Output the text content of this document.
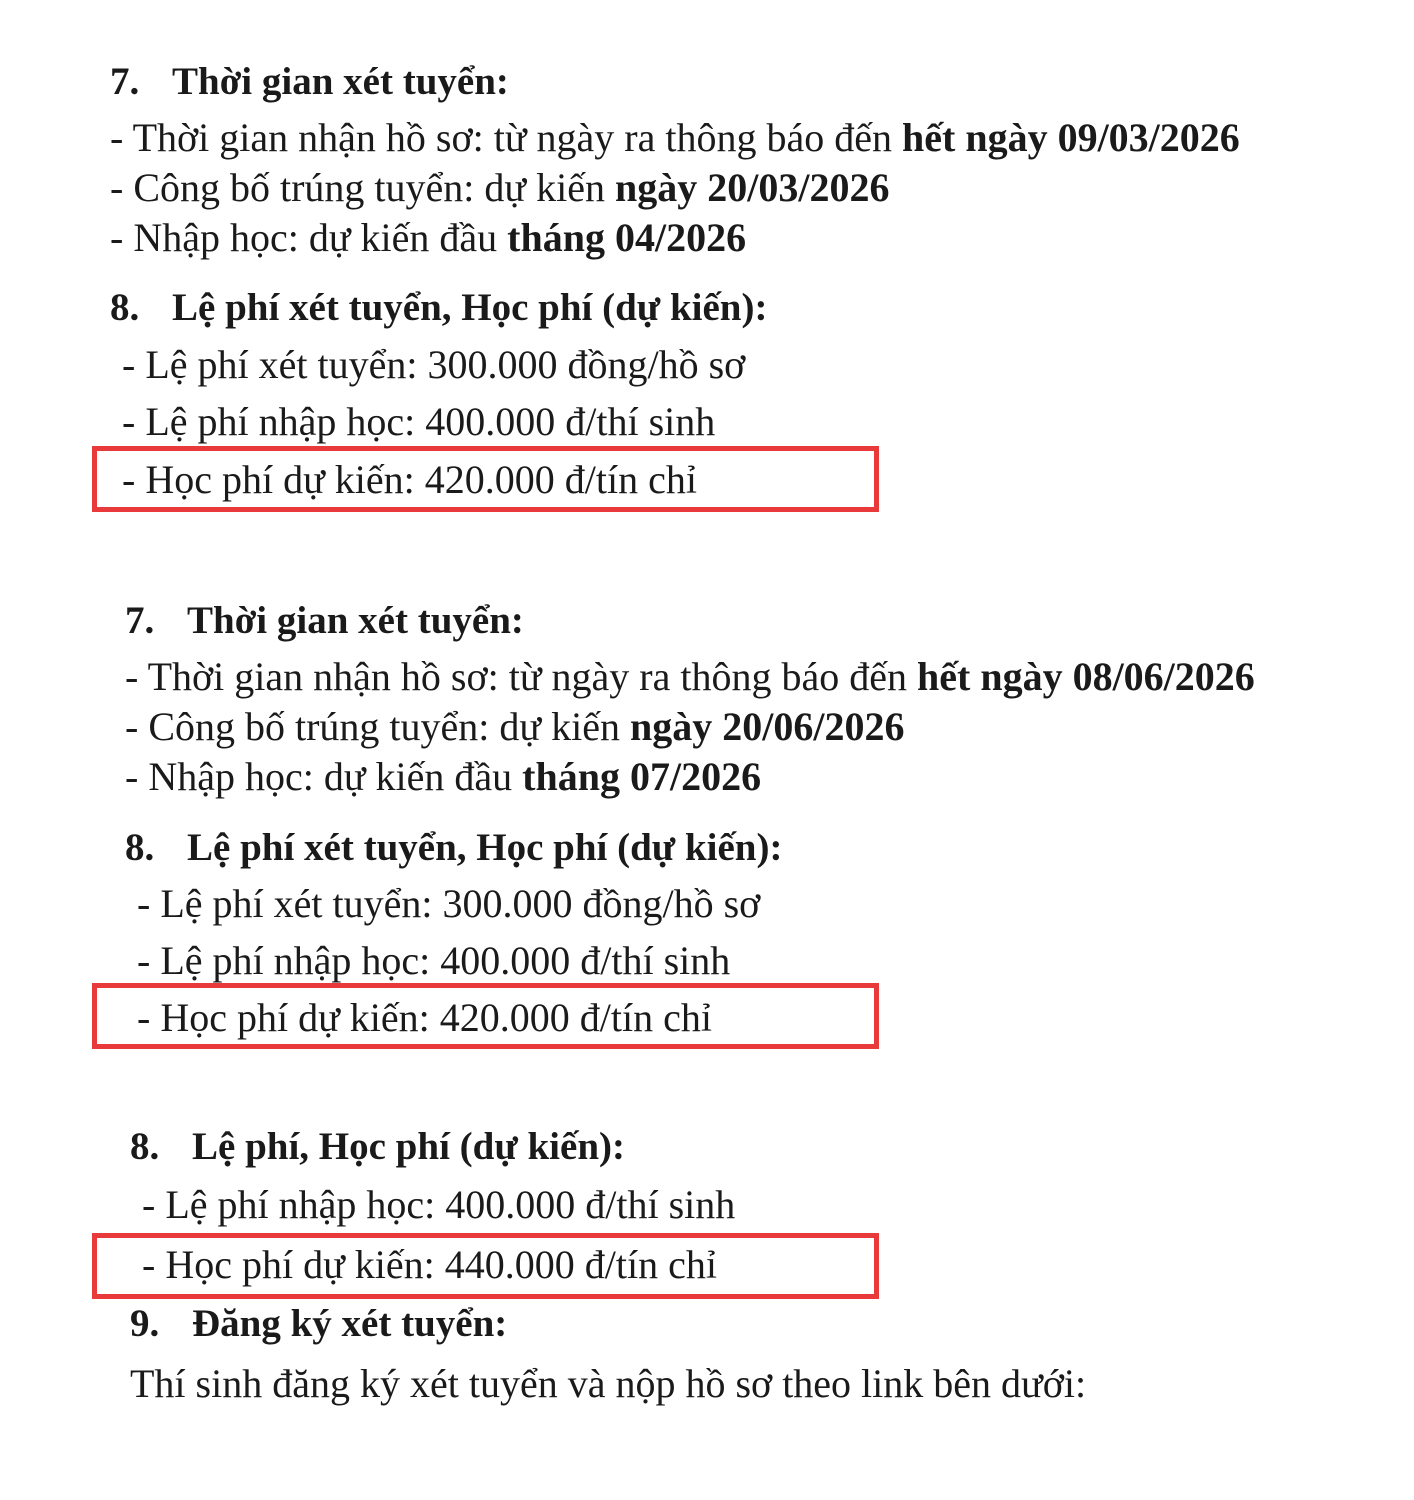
7. Thời gian xét tuyển:
- Thời gian nhận hồ sơ: từ ngày ra thông báo đến hết ngày 09/03/2026
- Công bố trúng tuyển: dự kiến ngày 20/03/2026
- Nhập học: dự kiến đầu tháng 04/2026
8. Lệ phí xét tuyển, Học phí (dự kiến):
- Lệ phí xét tuyển: 300.000 đồng/hồ sơ
- Lệ phí nhập học: 400.000 đ/thí sinh
- Học phí dự kiến: 420.000 đ/tín chỉ
7. Thời gian xét tuyển:
- Thời gian nhận hồ sơ: từ ngày ra thông báo đến hết ngày 08/06/2026
- Công bố trúng tuyển: dự kiến ngày 20/06/2026
- Nhập học: dự kiến đầu tháng 07/2026
8. Lệ phí xét tuyển, Học phí (dự kiến):
- Lệ phí xét tuyển: 300.000 đồng/hồ sơ
- Lệ phí nhập học: 400.000 đ/thí sinh
- Học phí dự kiến: 420.000 đ/tín chỉ
8. Lệ phí, Học phí (dự kiến):
- Lệ phí nhập học: 400.000 đ/thí sinh
- Học phí dự kiến: 440.000 đ/tín chỉ
9. Đăng ký xét tuyển:
Thí sinh đăng ký xét tuyển và nộp hồ sơ theo link bên dưới:
